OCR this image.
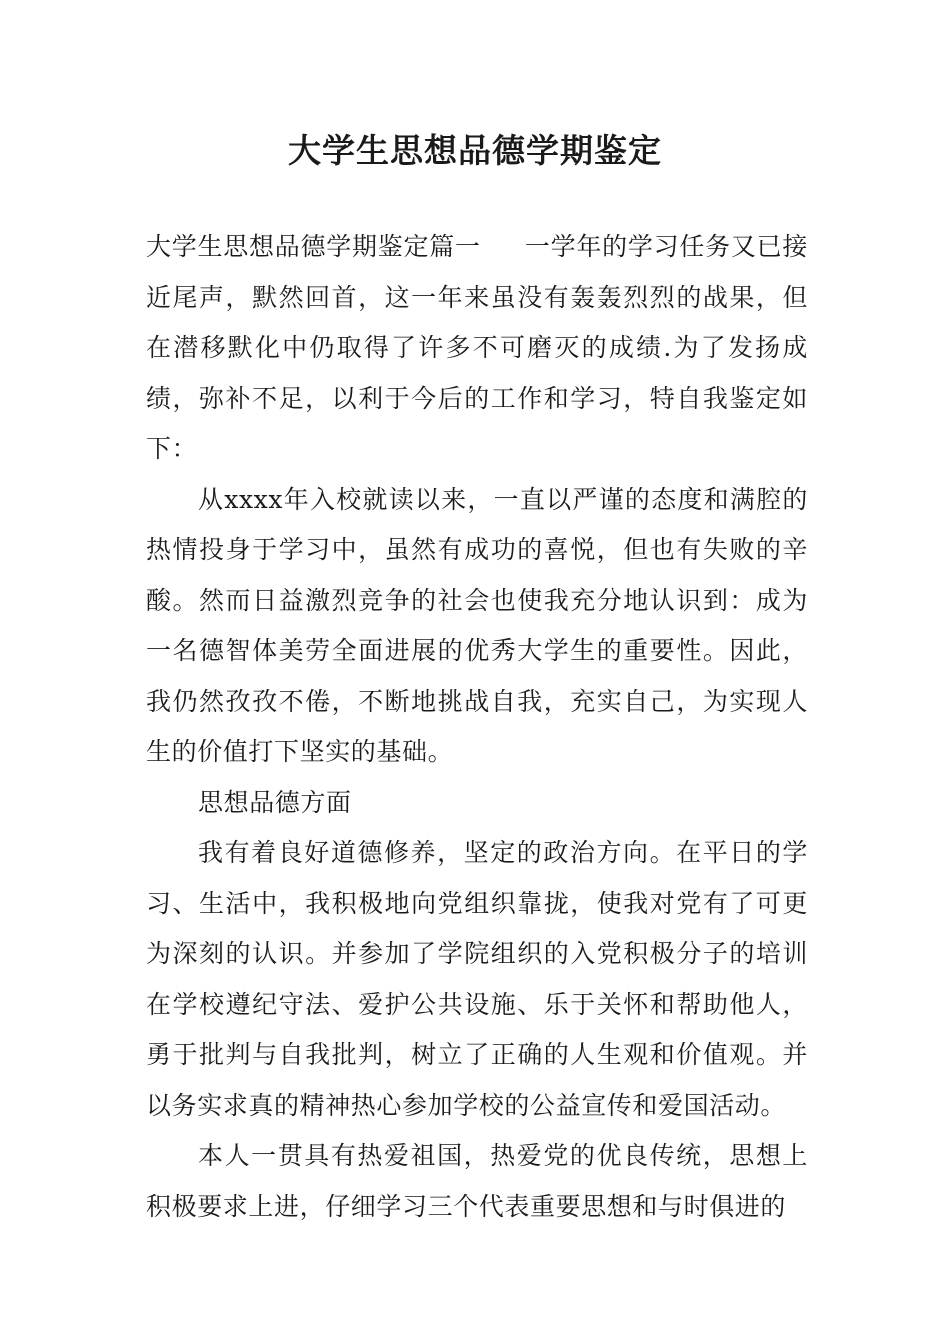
大学生思想品德学期鉴定

大学生思想品德学期鉴定篇一 一学年的学习任务又已接近尾声，默然回首，这一年来虽没有轰轰烈烈的战果，但在潜移默化中仍取得了许多不可磨灭的成绩.为了发扬成绩，弥补不足，以利于今后的工作和学习，特自我鉴定如下：

从xxxx年入校就读以来，一直以严谨的态度和满腔的热情投身于学习中，虽然有成功的喜悦，但也有失败的辛酸。然而日益激烈竞争的社会也使我充分地认识到：成为一名德智体美劳全面进展的优秀大学生的重要性。因此，我仍然孜孜不倦，不断地挑战自我，充实自己，为实现人生的价值打下坚实的基础。

思想品德方面

我有着良好道德修养，坚定的政治方向。在平日的学习、生活中，我积极地向党组织靠拢，使我对党有了可更为深刻的认识。并参加了学院组织的入党积极分子的培训在学校遵纪守法、爱护公共设施、乐于关怀和帮助他人，勇于批判与自我批判，树立了正确的人生观和价值观。并以务实求真的精神热心参加学校的公益宣传和爱国活动。

本人一贯具有热爱祖国，热爱党的优良传统，思想上积极要求上进，仔细学习三个代表重要思想和与时俱进的
